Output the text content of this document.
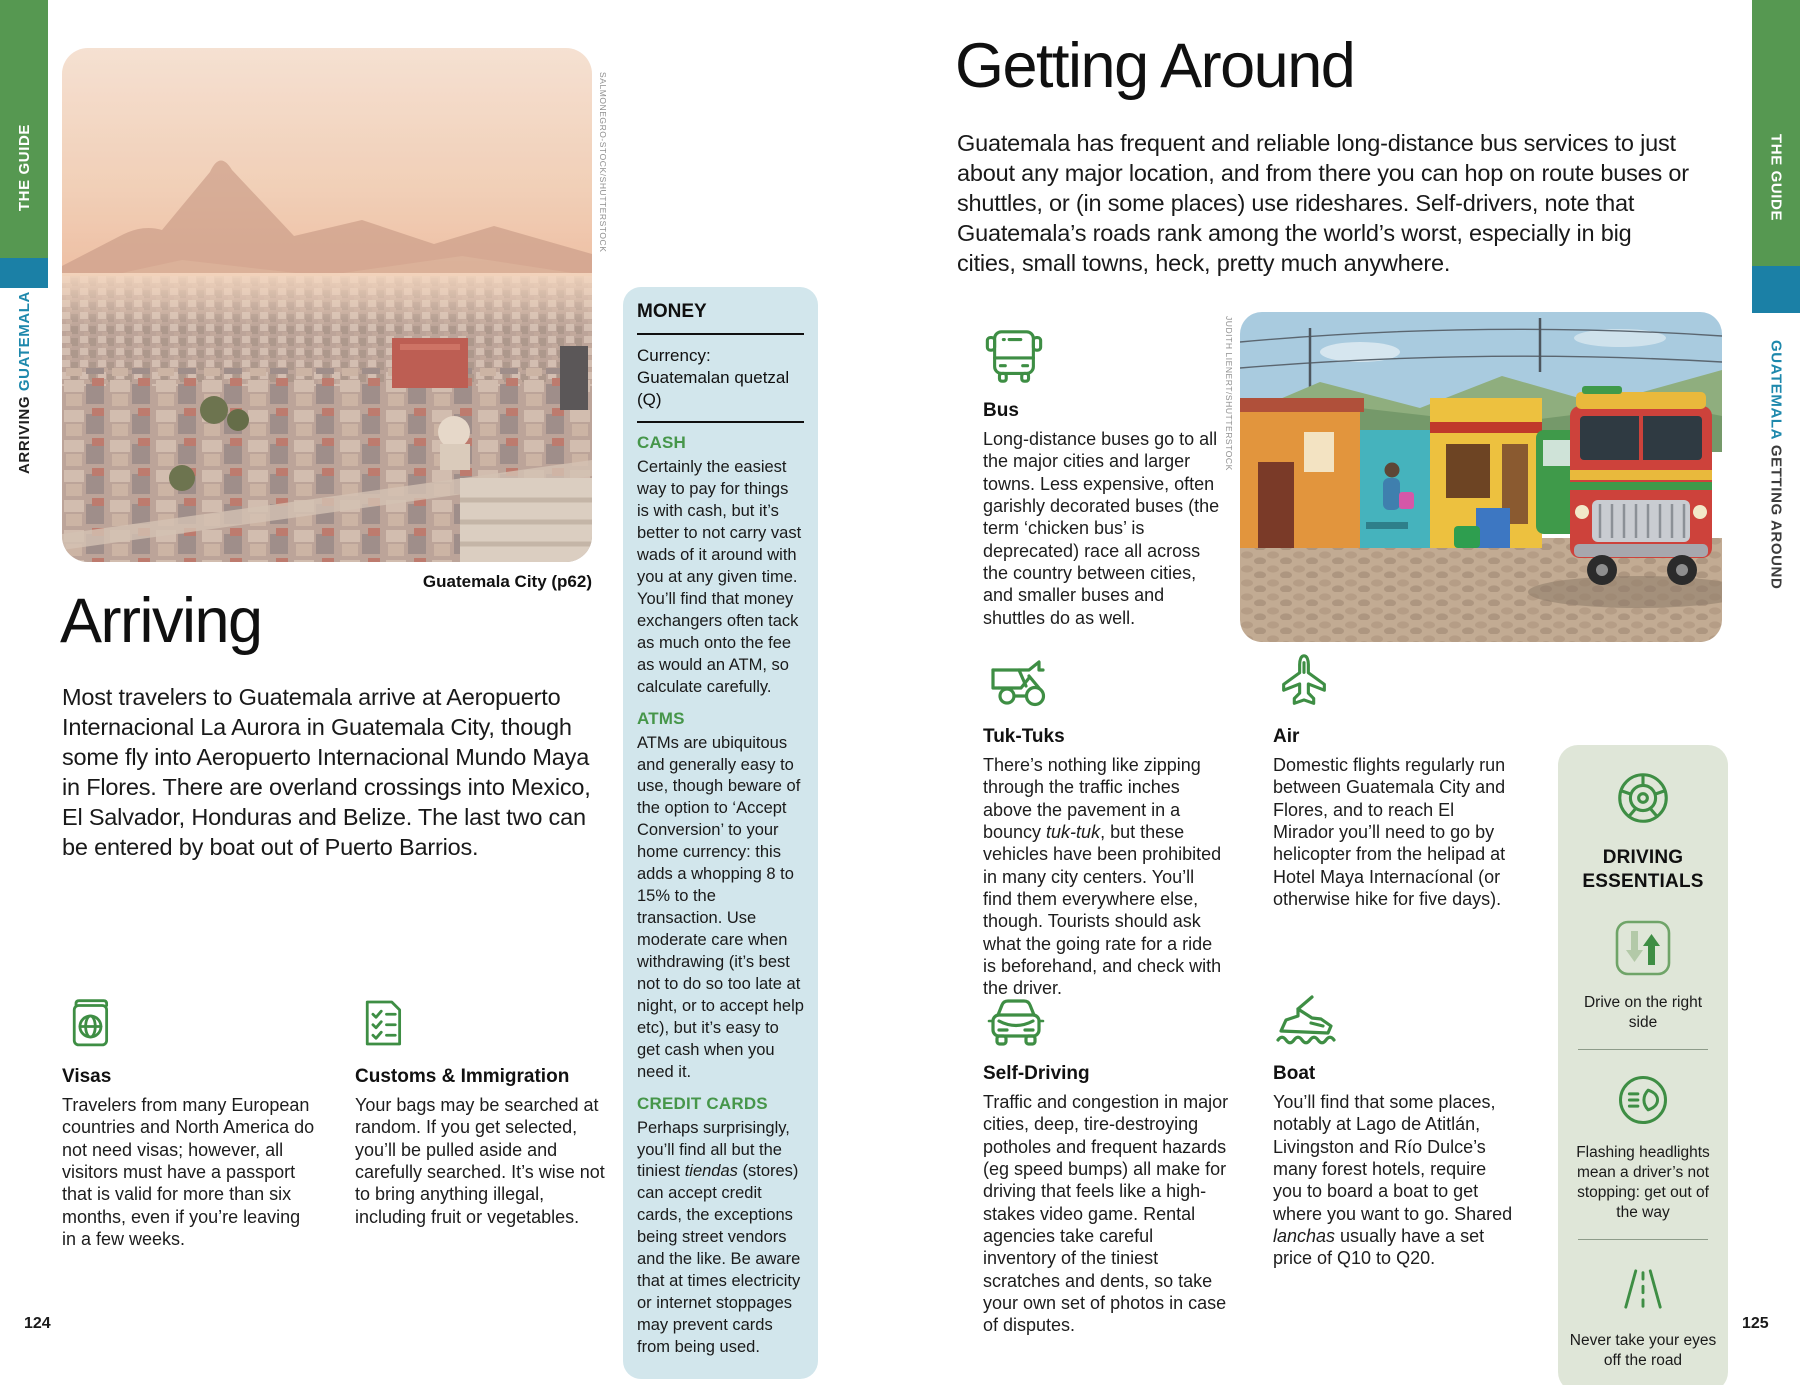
THE GUIDE
ARRIVING GUATEMALA
SALMONEGRO-STOCK/SHUTTERSTOCK
Guatemala City (p62)
Arriving
Most travelers to Guatemala arrive at Aeropuerto Internacional La Aurora in Guatemala City, though some fly into Aeropuerto Internacional Mundo Maya in Flores. There are overland crossings into Mexico, El Salvador, Honduras and Belize. The last two can be entered by boat out of Puerto Barrios.
Visas
Travelers from many European countries and North America do not need visas; however, all visitors must have a passport that is valid for more than six months, even if you’re leaving in a few weeks.
Customs & Immigration
Your bags may be searched at random. If you get selected, you’ll be pulled aside and carefully searched. It’s wise not to bring anything illegal, including fruit or vegetables.
MONEY
Currency: Guatemalan quetzal (Q)
CASH
Certainly the easiest way to pay for things is with cash, but it’s better to not carry vast wads of it around with you at any given time. You’ll find that money exchangers often tack as much onto the fee as would an ATM, so calculate carefully.
ATMS
ATMs are ubiquitous and generally easy to use, though beware of the option to ‘Accept Conversion’ to your home currency: this adds a whopping 8 to 15% to the transaction. Use moderate care when withdrawing (it’s best not to do so too late at night, or to accept help etc), but it’s easy to get cash when you need it.
CREDIT CARDS
Perhaps surprisingly, you’ll find all but the tiniest tiendas (stores) can accept credit cards, the exceptions being street vendors and the like. Be aware that at times electricity or internet stoppages may prevent cards from being used.
124
THE GUIDE
GUATEMALA GETTING AROUND
Getting Around
Guatemala has frequent and reliable long-distance bus services to just about any major location, and from there you can hop on route buses or shuttles, or (in some places) use rideshares. Self-drivers, note that Guatemala’s roads rank among the world’s worst, especially in big cities, small towns, heck, pretty much anywhere.
JUDITH LIENERT/SHUTTERSTOCK
Bus
Long-distance buses go to all the major cities and larger towns. Less expensive, often garishly decorated buses (the term ‘chicken bus’ is deprecated) race all across the country between cities, and smaller buses and shuttles do as well.
Tuk-Tuks
There’s nothing like zipping through the traffic inches above the pavement in a bouncy tuk-tuk, but these vehicles have been prohibited in many city centers. You’ll find them everywhere else, though. Tourists should ask what the going rate for a ride is beforehand, and check with the driver.
Air
Domestic flights regularly run between Guatemala City and Flores, and to reach El Mirador you’ll need to go by helicopter from the helipad at Hotel Maya Internacíonal (or otherwise hike for five days).
Self-Driving
Traffic and congestion in major cities, deep, tire-destroying potholes and frequent hazards (eg speed bumps) all make for driving that feels like a high-stakes video game. Rental agencies take careful inventory of the tiniest scratches and dents, so take your own set of photos in case of disputes.
Boat
You’ll find that some places, notably at Lago de Atitlán, Livingston and Río Dulce’s many forest hotels, require you to board a boat to get where you want to go. Shared lanchas usually have a set price of Q10 to Q20.
DRIVING
ESSENTIALS
Drive on the right side
Flashing headlights mean a driver’s not stopping: get out of the way
Never take your eyes off the road
125
